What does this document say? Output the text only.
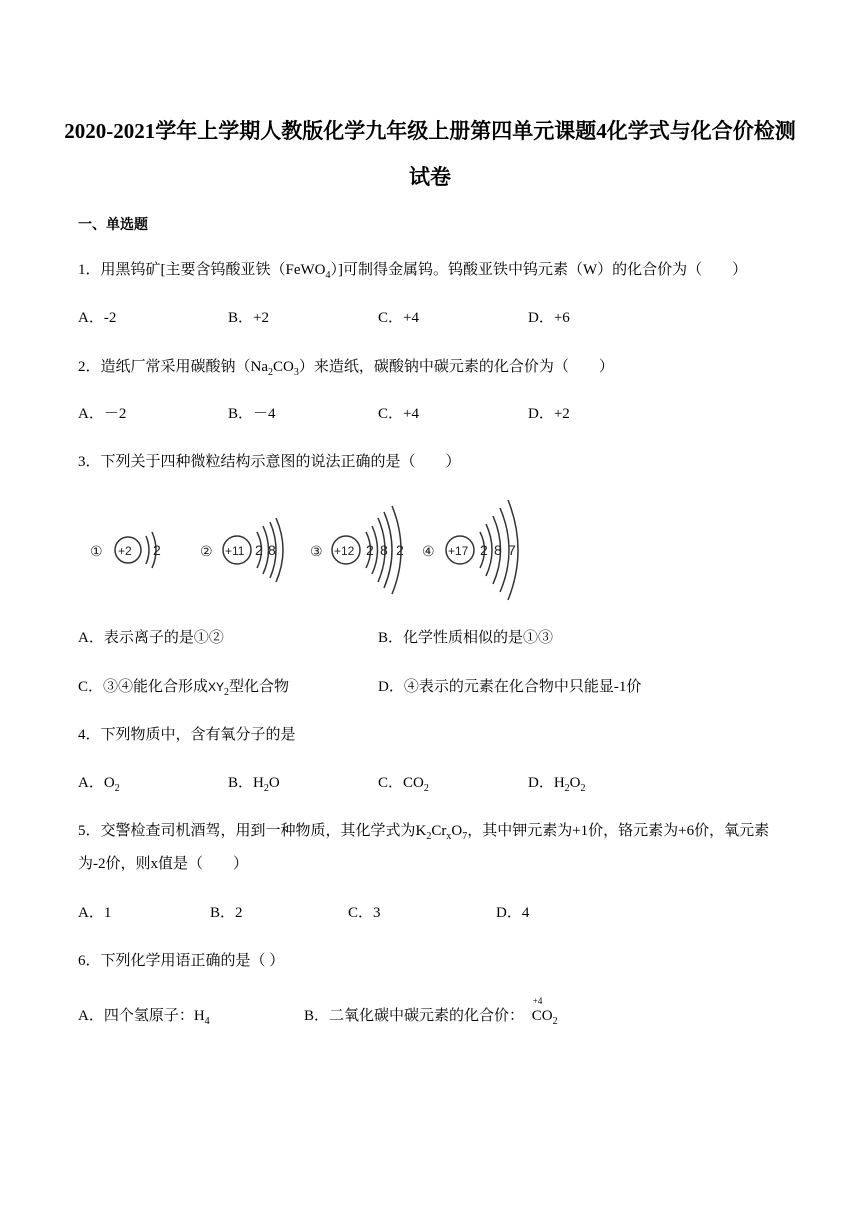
2020-2021学年上学期人教版化学九年级上册第四单元课题4化学式与化合价检测试卷
一、单选题
1．用黑钨矿[主要含钨酸亚铁（FeWO$_4$）]可制得金属钨。钨酸亚铁中钨元素（W）的化合价为（　　）
A．-2	B．+2	C．+4	D．+6
2．造纸厂常采用碳酸钠$(Na_2CO_3)$来造纸，碳酸钠中碳元素的化合价为（　　）
A．－2	B．－4	C．+4	D．+2
3．下列关于四种微粒结构示意图的说法正确的是（　　）
① +2 2	② +11 2 8 ③ +12 2 8 2 ④ +17 2 8 7
A．表示离子的是①②	B．化学性质相似的是①③
C．③④能化合形成$XY_2$型化合物	D．④表示的元素在化合物中只能显-1价
4．下列物质中，含有氧分子的是
A．$O_2$	B．$H_2O$	C．$CO_2$	D．$H_2O_2$
5．交警检查司机酒驾，用到一种物质，其化学式为$K_2Cr_xO_7$，其中钾元素为+1价，铬元素为+6价，氧元素
为-2价，则x值是（　　）
A．1	B．2	C．3	D．4
6．下列化学用语正确的是（ ）
A．四个氢原子：$H_4$	B．二氧化碳中碳元素的化合价：
+4
$CO_2$
